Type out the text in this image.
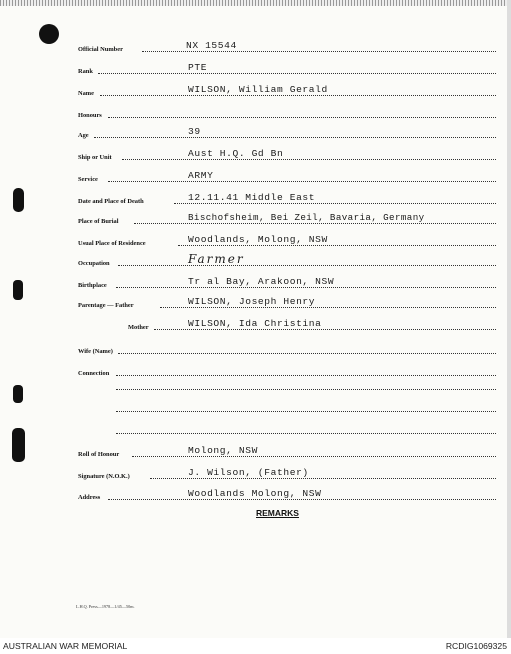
Official Number	NX 15544
Rank	PTE
Name	WILSON, William Gerald
Honours
Age	39
Ship or Unit	Aust H.Q. Gd Bn
Service	ARMY
Date and Place of Death	12.11.41 Middle East
Place of Burial	Bischofsheim, Bei Zeil, Bavaria, Germany
Usual Place of Residence	Woodlands, Molong, NSW
Occupation	Farmer
Birthplace	Tr al Bay, Arakoon, NSW
Parentage — Father	WILSON, Joseph Henry
Mother	WILSON, Ida Christina
Wife (Name)
Connection
Roll of Honour	Molong, NSW
Signature (N.O.K.)	J. Wilson, (Father)
Address	Woodlands Molong, NSW
REMARKS
L.H.Q. Press—1978—1/45—50m.
AUSTRALIAN WAR MEMORIAL	RCDIG1069325
